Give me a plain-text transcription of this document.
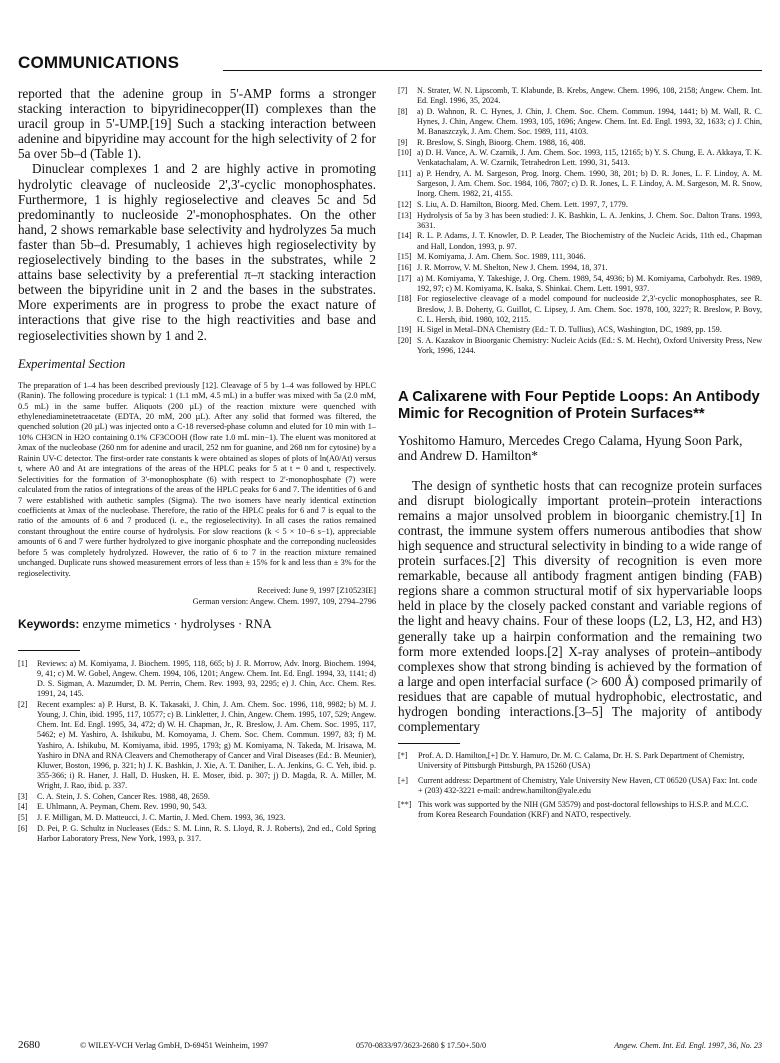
COMMUNICATIONS

reported that the adenine group in 5'-AMP forms a stronger stacking interaction to bipyridinecopper(II) complexes than the uracil group in 5'-UMP.[19] Such a stacking interaction between adenine and bipyridine may account for the high selectivity of 2 for 5a over 5b–d (Table 1).

Dinuclear complexes 1 and 2 are highly active in promoting hydrolytic cleavage of nucleoside 2',3'-cyclic monophosphates. Furthermore, 1 is highly regioselective and cleaves 5c and 5d predominantly to nucleoside 2'-monophosphates. On the other hand, 2 shows remarkable base selectivity and hydrolyzes 5a much faster than 5b–d. Presumably, 1 achieves high regioselectivity by regioselectively binding to the bases in the substrates, while 2 attains base selectivity by a preferential π–π stacking interaction between the bipyridine unit in 2 and the bases in the substrates. More experiments are in progress to probe the exact nature of interactions that give rise to the high reactivities and base and regioselectivities shown by 1 and 2.

Experimental Section

The preparation of 1–4 has been described previously [12]. Cleavage of 5 by 1–4 was followed by HPLC (Ranin). The following procedure is typical: 1 (1.1 mM, 4.5 mL) in a buffer was mixed with 5a (2.0 mM, 0.5 mL) in the same buffer. Aliquots (200 µL) of the reaction mixture were quenched with ethylenediaminetetraacetate (EDTA, 20 mM, 200 µL). After any solid that formed was filtered, the quenched solution (20 µL) was injected onto a C-18 reversed-phase column and eluted for 10 min with 1–10% CH3CN in H2O containing 0.1% CF3COOH (flow rate 1.0 mL min−1). The eluent was monitored at λmax of the nucleobase (260 nm for adenine and uracil, 252 nm for guanine, and 268 nm for cytosine) by a Rainin UV-C detector. The first-order rate constants k were obtained as slopes of plots of ln(A0/At) versus t, where A0 and At are integrations of the areas of the HPLC peaks for 5 at t = 0 and t, respectively. Selectivities for the formation of 3'-monophosphate (6) with respect to 2'-monophosphate (7) were calculated from the ratios of integrations of the areas of the HPLC peaks for 6 and 7. The identities of 6 and 7 were established with authetic samples (Sigma). The two isomers have nearly identical extinction coefficients at λmax of the nucleobase. Therefore, the ratio of the HPLC peaks for 6 and 7 is equal to the ratio of the amounts of 6 and 7 produced (i. e., the regioselectivity). In all cases the ratios remained constant throughout the entire course of hydrolysis. For slow reactions (k < 5 × 10−6 s−1), appreciable amounts of 6 and 7 were further hydrolyzed to give inorganic phosphate and the correponding nucleosides before 5 was completely hydrolyzed. However, the ratio of 6 to 7 in the reaction mixture remained unchanged. Duplicate runs showed measurement errors of less than ± 15% for k and less than ± 3% for the regioselectivity.

Received: June 9, 1997 [Z10523IE]
German version: Angew. Chem. 1997, 109, 2794–2796
Keywords: enzyme mimetics · hydrolyses · RNA
[1] Reviews: a) M. Komiyama, J. Biochem. 1995, 118, 665; b) J. R. Morrow, Adv. Inorg. Biochem. 1994, 9, 41; c) M. W. Gobel, Angew. Chem. 1994, 106, 1201; Angew. Chem. Int. Ed. Engl. 1994, 33, 1141; d) D. S. Sigman, A. Mazumder, D. M. Perrin, Chem. Rev. 1993, 93, 2295; e) J. Chin, Acc. Chem. Res. 1991, 24, 145.
[2] Recent examples: a) P. Hurst, B. K. Takasaki, J. Chin, J. Am. Chem. Soc. 1996, 118, 9982; b) M. J. Young, J. Chin, ibid. 1995, 117, 10577; c) B. Linkletter, J. Chin, Angew. Chem. 1995, 107, 529; Angew. Chem. Int. Ed. Engl. 1995, 34, 472; d) W. H. Chapman, Jr., R. Breslow, J. Am. Chem. Soc. 1995, 117, 5462; e) M. Yashiro, A. Ishikubu, M. Komoyama, J. Chem. Soc. Chem. Commun. 1997, 83; f) M. Yashiro, A. Ishikubu, M. Komiyama, ibid. 1995, 1793; g) M. Komiyama, N. Takeda, M. Irisawa, M. Yashiro in DNA and RNA Cleavers and Chemotherapy of Cancer and Viral Diseases (Ed.: B. Meunier), Kluwer, Boston, 1996, p. 321; h) J. K. Bashkin, J. Xie, A. T. Daniher, L. A. Jenkins, G. C. Yeh, ibid. p. 355-366; i) R. Haner, J. Hall, D. Husken, H. E. Moser, ibid. p. 307; j) D. Magda, R. A. Miller, M. Wright, J. Rao, ibid. p. 337.
[3] C. A. Stein, J. S. Cohen, Cancer Res. 1988, 48, 2659.
[4] E. Uhlmann, A. Peyman, Chem. Rev. 1990, 90, 543.
[5] J. F. Milligan, M. D. Matteucci, J. C. Martin, J. Med. Chem. 1993, 36, 1923.
[6] D. Pei, P. G. Schultz in Nucleases (Eds.: S. M. Linn, R. S. Lloyd, R. J. Roberts), 2nd ed., Cold Spring Harbor Laboratory Press, New York, 1993, p. 317.
[7] N. Strater, W. N. Lipscomb, T. Klabunde, B. Krebs, Angew. Chem. 1996, 108, 2158; Angew. Chem. Int. Ed. Engl. 1996, 35, 2024.
[8] a) D. Wahnon, R. C. Hynes, J. Chin, J. Chem. Soc. Chem. Commun. 1994, 1441; b) M. Wall, R. C. Hynes, J. Chin, Angew. Chem. 1993, 105, 1696; Angew. Chem. Int. Ed. Engl. 1993, 32, 1633; c) J. Chin, M. Banaszczyk, J. Am. Chem. Soc. 1989, 111, 4103.
[9] R. Breslow, S. Singh, Bioorg. Chem. 1988, 16, 408.
[10] a) D. H. Vance, A. W. Czarnik, J. Am. Chem. Soc. 1993, 115, 12165; b) Y. S. Chung, E. A. Akkaya, T. K. Venkatachalam, A. W. Czarnik, Tetrahedron Lett. 1990, 31, 5413.
[11] a) P. Hendry, A. M. Sargeson, Prog. Inorg. Chem. 1990, 38, 201; b) D. R. Jones, L. F. Lindoy, A. M. Sargeson, J. Am. Chem. Soc. 1984, 106, 7807; c) D. R. Jones, L. F. Lindoy, A. M. Sargeson, M. R. Snow, Inorg. Chem. 1982, 21, 4155.
[12] S. Liu, A. D. Hamilton, Bioorg. Med. Chem. Lett. 1997, 7, 1779.
[13] Hydrolysis of 5a by 3 has been studied: J. K. Bashkin, L. A. Jenkins, J. Chem. Soc. Dalton Trans. 1993, 3631.
[14] R. L. P. Adams, J. T. Knowler, D. P. Leader, The Biochemistry of the Nucleic Acids, 11th ed., Chapman and Hall, London, 1993, p. 97.
[15] M. Komiyama, J. Am. Chem. Soc. 1989, 111, 3046.
[16] J. R. Morrow, V. M. Shelton, New J. Chem. 1994, 18, 371.
[17] a) M. Komiyama, Y. Takeshige, J. Org. Chem. 1989, 54, 4936; b) M. Komiyama, Carbohydr. Res. 1989, 192, 97; c) M. Komiyama, K. Isaka, S. Shinkai. Chem. Lett. 1991, 937.
[18] For regioselective cleavage of a model compound for nucleoside 2',3'-cyclic monophosphates, see R. Breslow, J. B. Doherty, G. Guillot, C. Lipsey, J. Am. Chem. Soc. 1978, 100, 3227; R. Breslow, P. Bovy, C. L. Hersh, ibid. 1980, 102, 2115.
[19] H. Sigel in Metal–DNA Chemistry (Ed.: T. D. Tullius), ACS, Washington, DC, 1989, pp. 159.
[20] S. A. Kazakov in Bioorganic Chemistry: Nucleic Acids (Ed.: S. M. Hecht), Oxford University Press, New York, 1996, 1244.
A Calixarene with Four Peptide Loops: An Antibody Mimic for Recognition of Protein Surfaces**
Yoshitomo Hamuro, Mercedes Crego Calama, Hyung Soon Park, and Andrew D. Hamilton*

The design of synthetic hosts that can recognize protein surfaces and disrupt biologically important protein–protein interactions remains a major unsolved problem in bioorganic chemistry.[1] In contrast, the immune system offers numerous antibodies that show high sequence and structural selectivity in binding to a wide range of protein surfaces.[2] This diversity of recognition is even more remarkable, because all antibody fragment antigen binding (FAB) regions share a common structural motif of six hypervariable loops held in place by the closely packed constant and variable regions of the light and heavy chains. Four of these loops (L2, L3, H2, and H3) generally take up a hairpin conformation and the remaining two form more extended loops.[2] X-ray analyses of protein–antibody complexes show that strong binding is achieved by the formation of a large and open interfacial surface (> 600 Å) composed primarily of residues that are capable of mutual hydrophobic, electrostatic, and hydrogen bonding interactions.[3–5] The majority of antibody complementary

[*] Prof. A. D. Hamilton,[+] Dr. Y. Hamuro, Dr. M. C. Calama, Dr. H. S. Park Department of Chemistry, University of Pittsburgh Pittsburgh, PA 15260 (USA)
[+] Current address: Department of Chemistry, Yale University New Haven, CT 06520 (USA) Fax: Int. code + (203) 432-3221 e-mail: andrew.hamilton@yale.edu
[**] This work was supported by the NIH (GM 53579) and post-doctoral fellowships to H.S.P. and M.C.C. from Korea Research Foundation (KRF) and NATO, respectively.
2680	© WILEY-VCH Verlag GmbH, D-69451 Weinheim, 1997	0570-0833/97/3623-2680 $ 17.50+.50/0	Angew. Chem. Int. Ed. Engl. 1997, 36, No. 23
